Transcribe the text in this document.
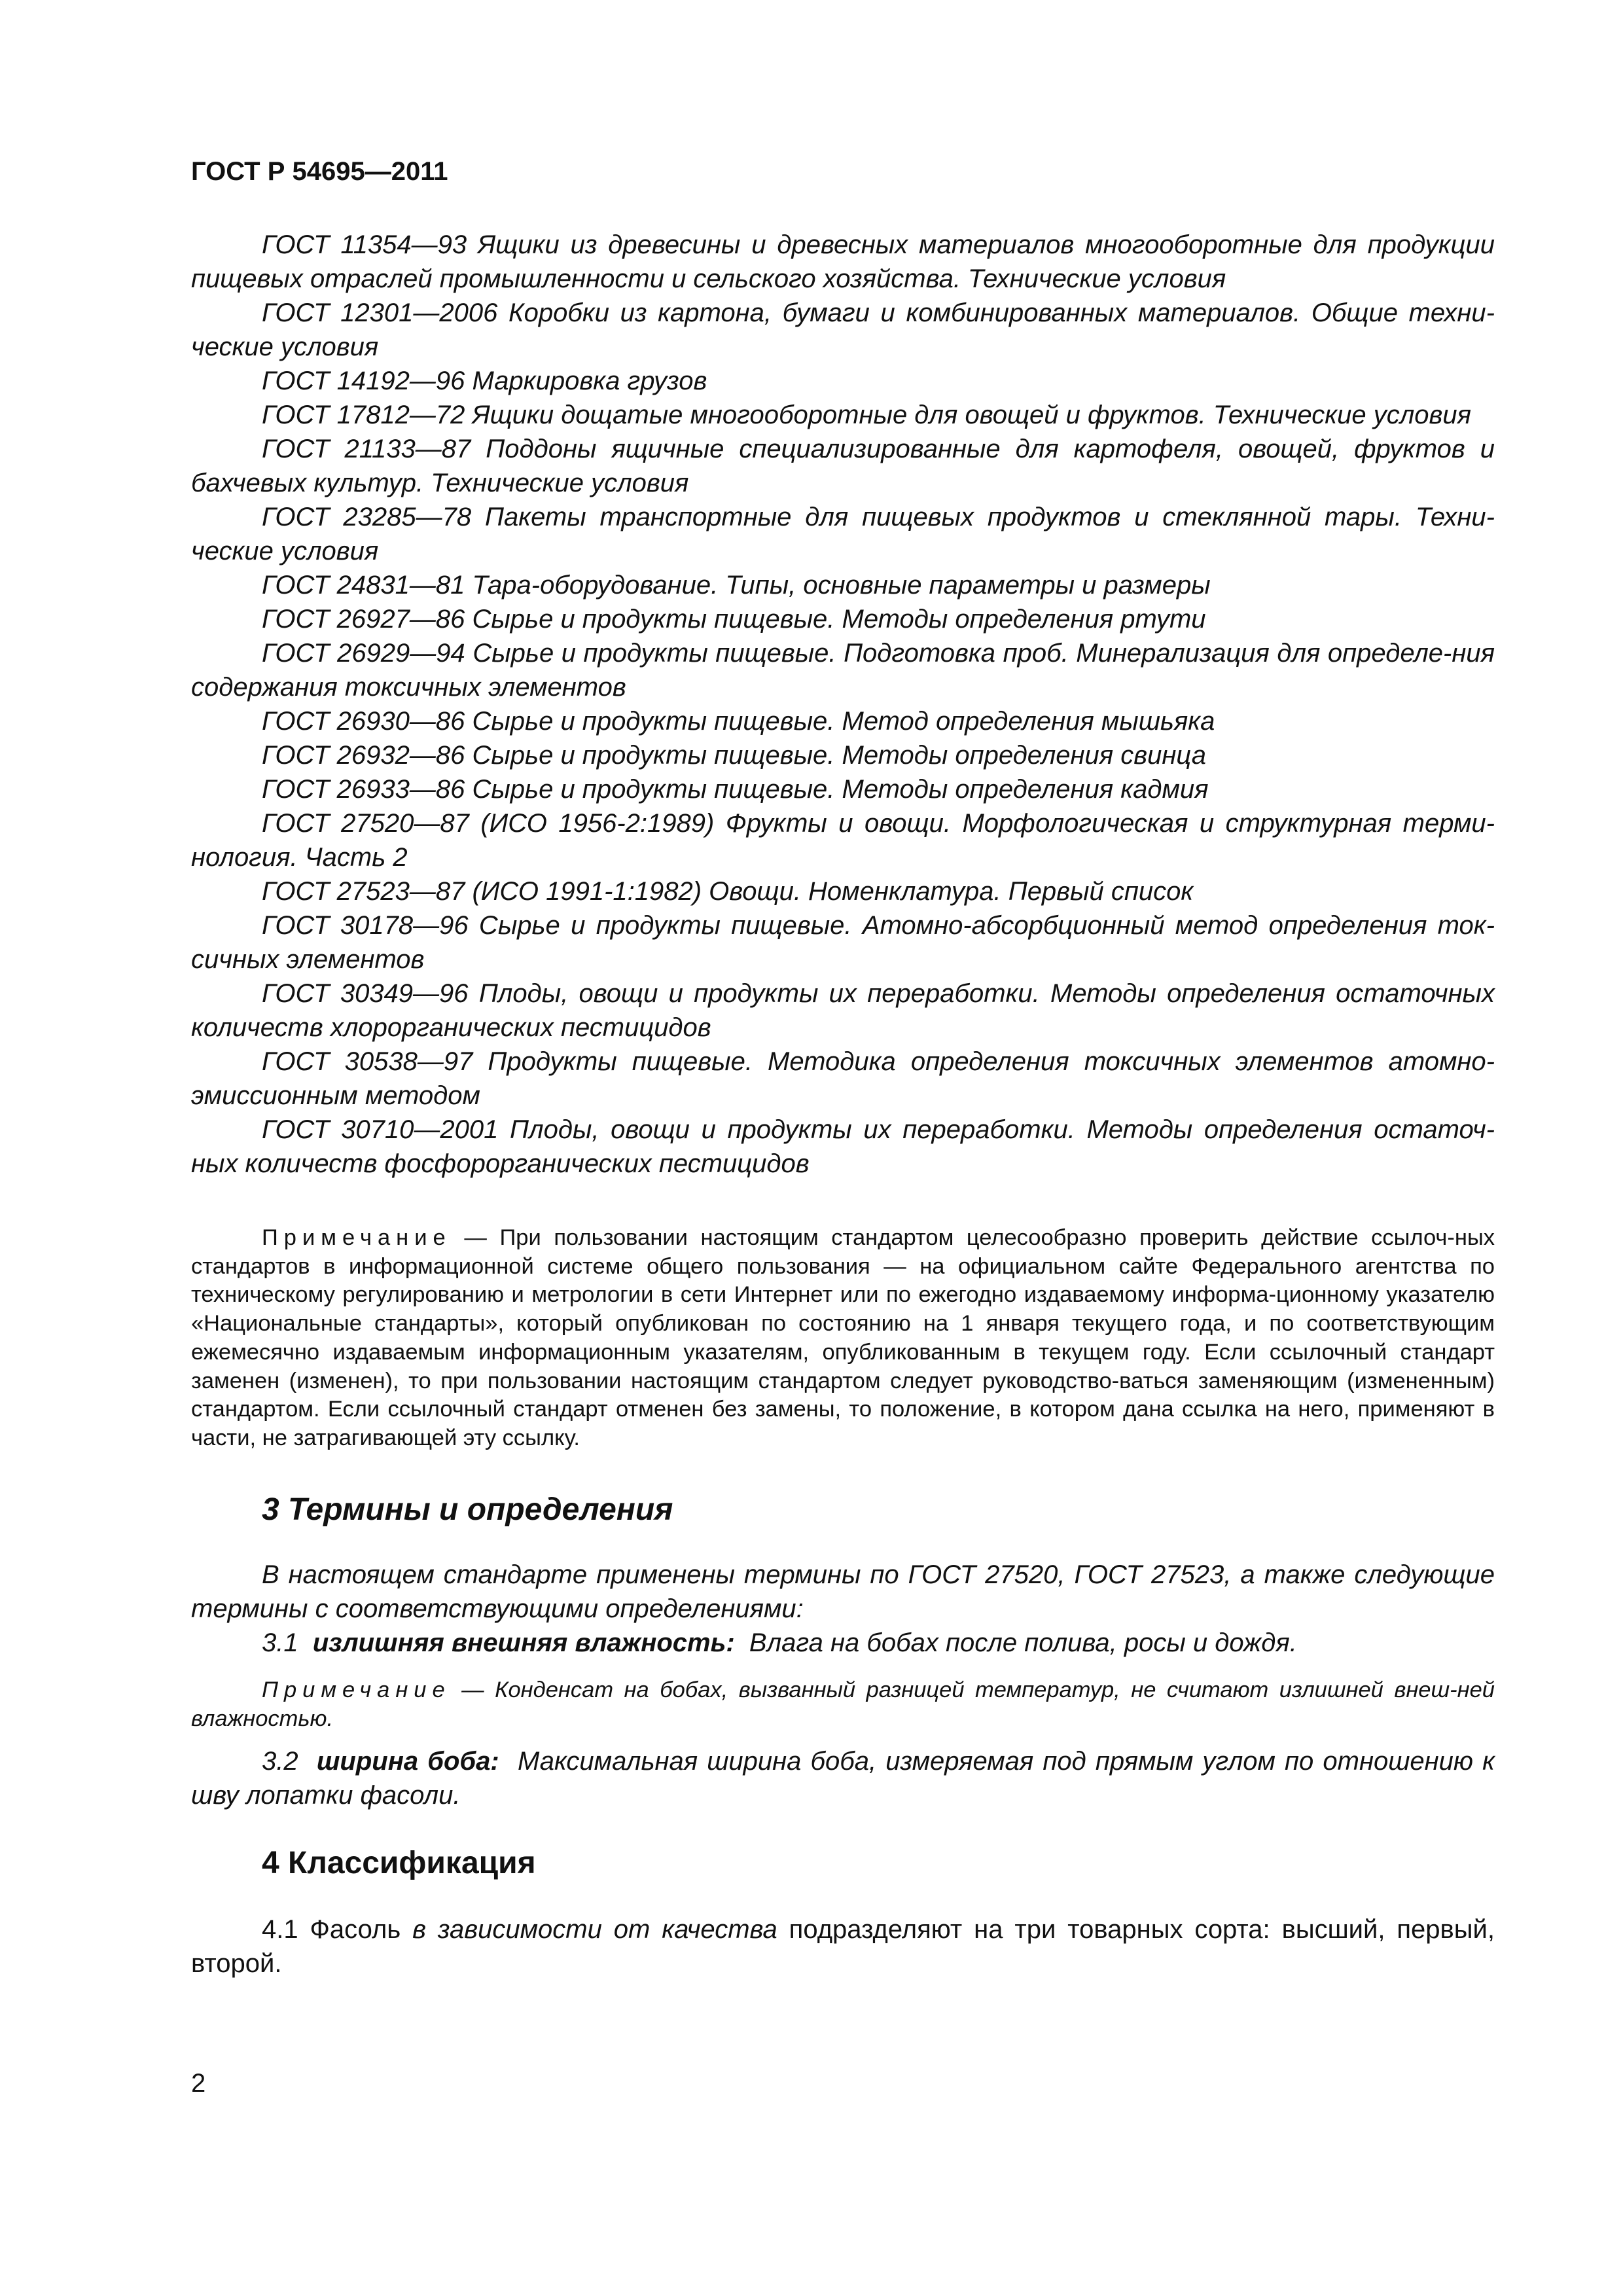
ГОСТ Р 54695—2011

ГОСТ 11354—93 Ящики из древесины и древесных материалов многооборотные для продукции пищевых отраслей промышленности и сельского хозяйства. Технические условия

ГОСТ 12301—2006 Коробки из картона, бумаги и комбинированных материалов. Общие техни-ческие условия

ГОСТ 14192—96 Маркировка грузов

ГОСТ 17812—72 Ящики дощатые многооборотные для овощей и фруктов. Технические условия

ГОСТ 21133—87 Поддоны ящичные специализированные для картофеля, овощей, фруктов и бахчевых культур. Технические условия

ГОСТ 23285—78 Пакеты транспортные для пищевых продуктов и стеклянной тары. Техни-ческие условия

ГОСТ 24831—81 Тара-оборудование. Типы, основные параметры и размеры

ГОСТ 26927—86 Сырье и продукты пищевые. Методы определения ртути

ГОСТ 26929—94 Сырье и продукты пищевые. Подготовка проб. Минерализация для определе-ния содержания токсичных элементов

ГОСТ 26930—86 Сырье и продукты пищевые. Метод определения мышьяка

ГОСТ 26932—86 Сырье и продукты пищевые. Методы определения свинца

ГОСТ 26933—86 Сырье и продукты пищевые. Методы определения кадмия

ГОСТ 27520—87 (ИСО 1956-2:1989) Фрукты и овощи. Морфологическая и структурная терми-нология. Часть 2

ГОСТ 27523—87 (ИСО 1991-1:1982) Овощи. Номенклатура. Первый список

ГОСТ 30178—96 Сырье и продукты пищевые. Атомно-абсорбционный метод определения ток-сичных элементов

ГОСТ 30349—96 Плоды, овощи и продукты их переработки. Методы определения остаточных количеств хлорорганических пестицидов

ГОСТ 30538—97 Продукты пищевые. Методика определения токсичных элементов атомно-эмиссионным методом

ГОСТ 30710—2001 Плоды, овощи и продукты их переработки. Методы определения остаточ-ных количеств фосфорорганических пестицидов

Примечание — При пользовании настоящим стандартом целесообразно проверить действие ссылоч-ных стандартов в информационной системе общего пользования — на официальном сайте Федерального агентства по техническому регулированию и метрологии в сети Интернет или по ежегодно издаваемому информа-ционному указателю «Национальные стандарты», который опубликован по состоянию на 1 января текущего года, и по соответствующим ежемесячно издаваемым информационным указателям, опубликованным в текущем году. Если ссылочный стандарт заменен (изменен), то при пользовании настоящим стандартом следует руководство-ваться заменяющим (измененным) стандартом. Если ссылочный стандарт отменен без замены, то положение, в котором дана ссылка на него, применяют в части, не затрагивающей эту ссылку.

3 Термины и определения

В настоящем стандарте применены термины по ГОСТ 27520, ГОСТ 27523, а также следующие термины с соответствующими определениями:

3.1 излишняя внешняя влажность: Влага на бобах после полива, росы и дождя.

Примечание — Конденсат на бобах, вызванный разницей температур, не считают излишней внеш-ней влажностью.

3.2 ширина боба: Максимальная ширина боба, измеряемая под прямым углом по отношению к шву лопатки фасоли.

4 Классификация

4.1 Фасоль в зависимости от качества подразделяют на три товарных сорта: высший, первый, второй.

2
